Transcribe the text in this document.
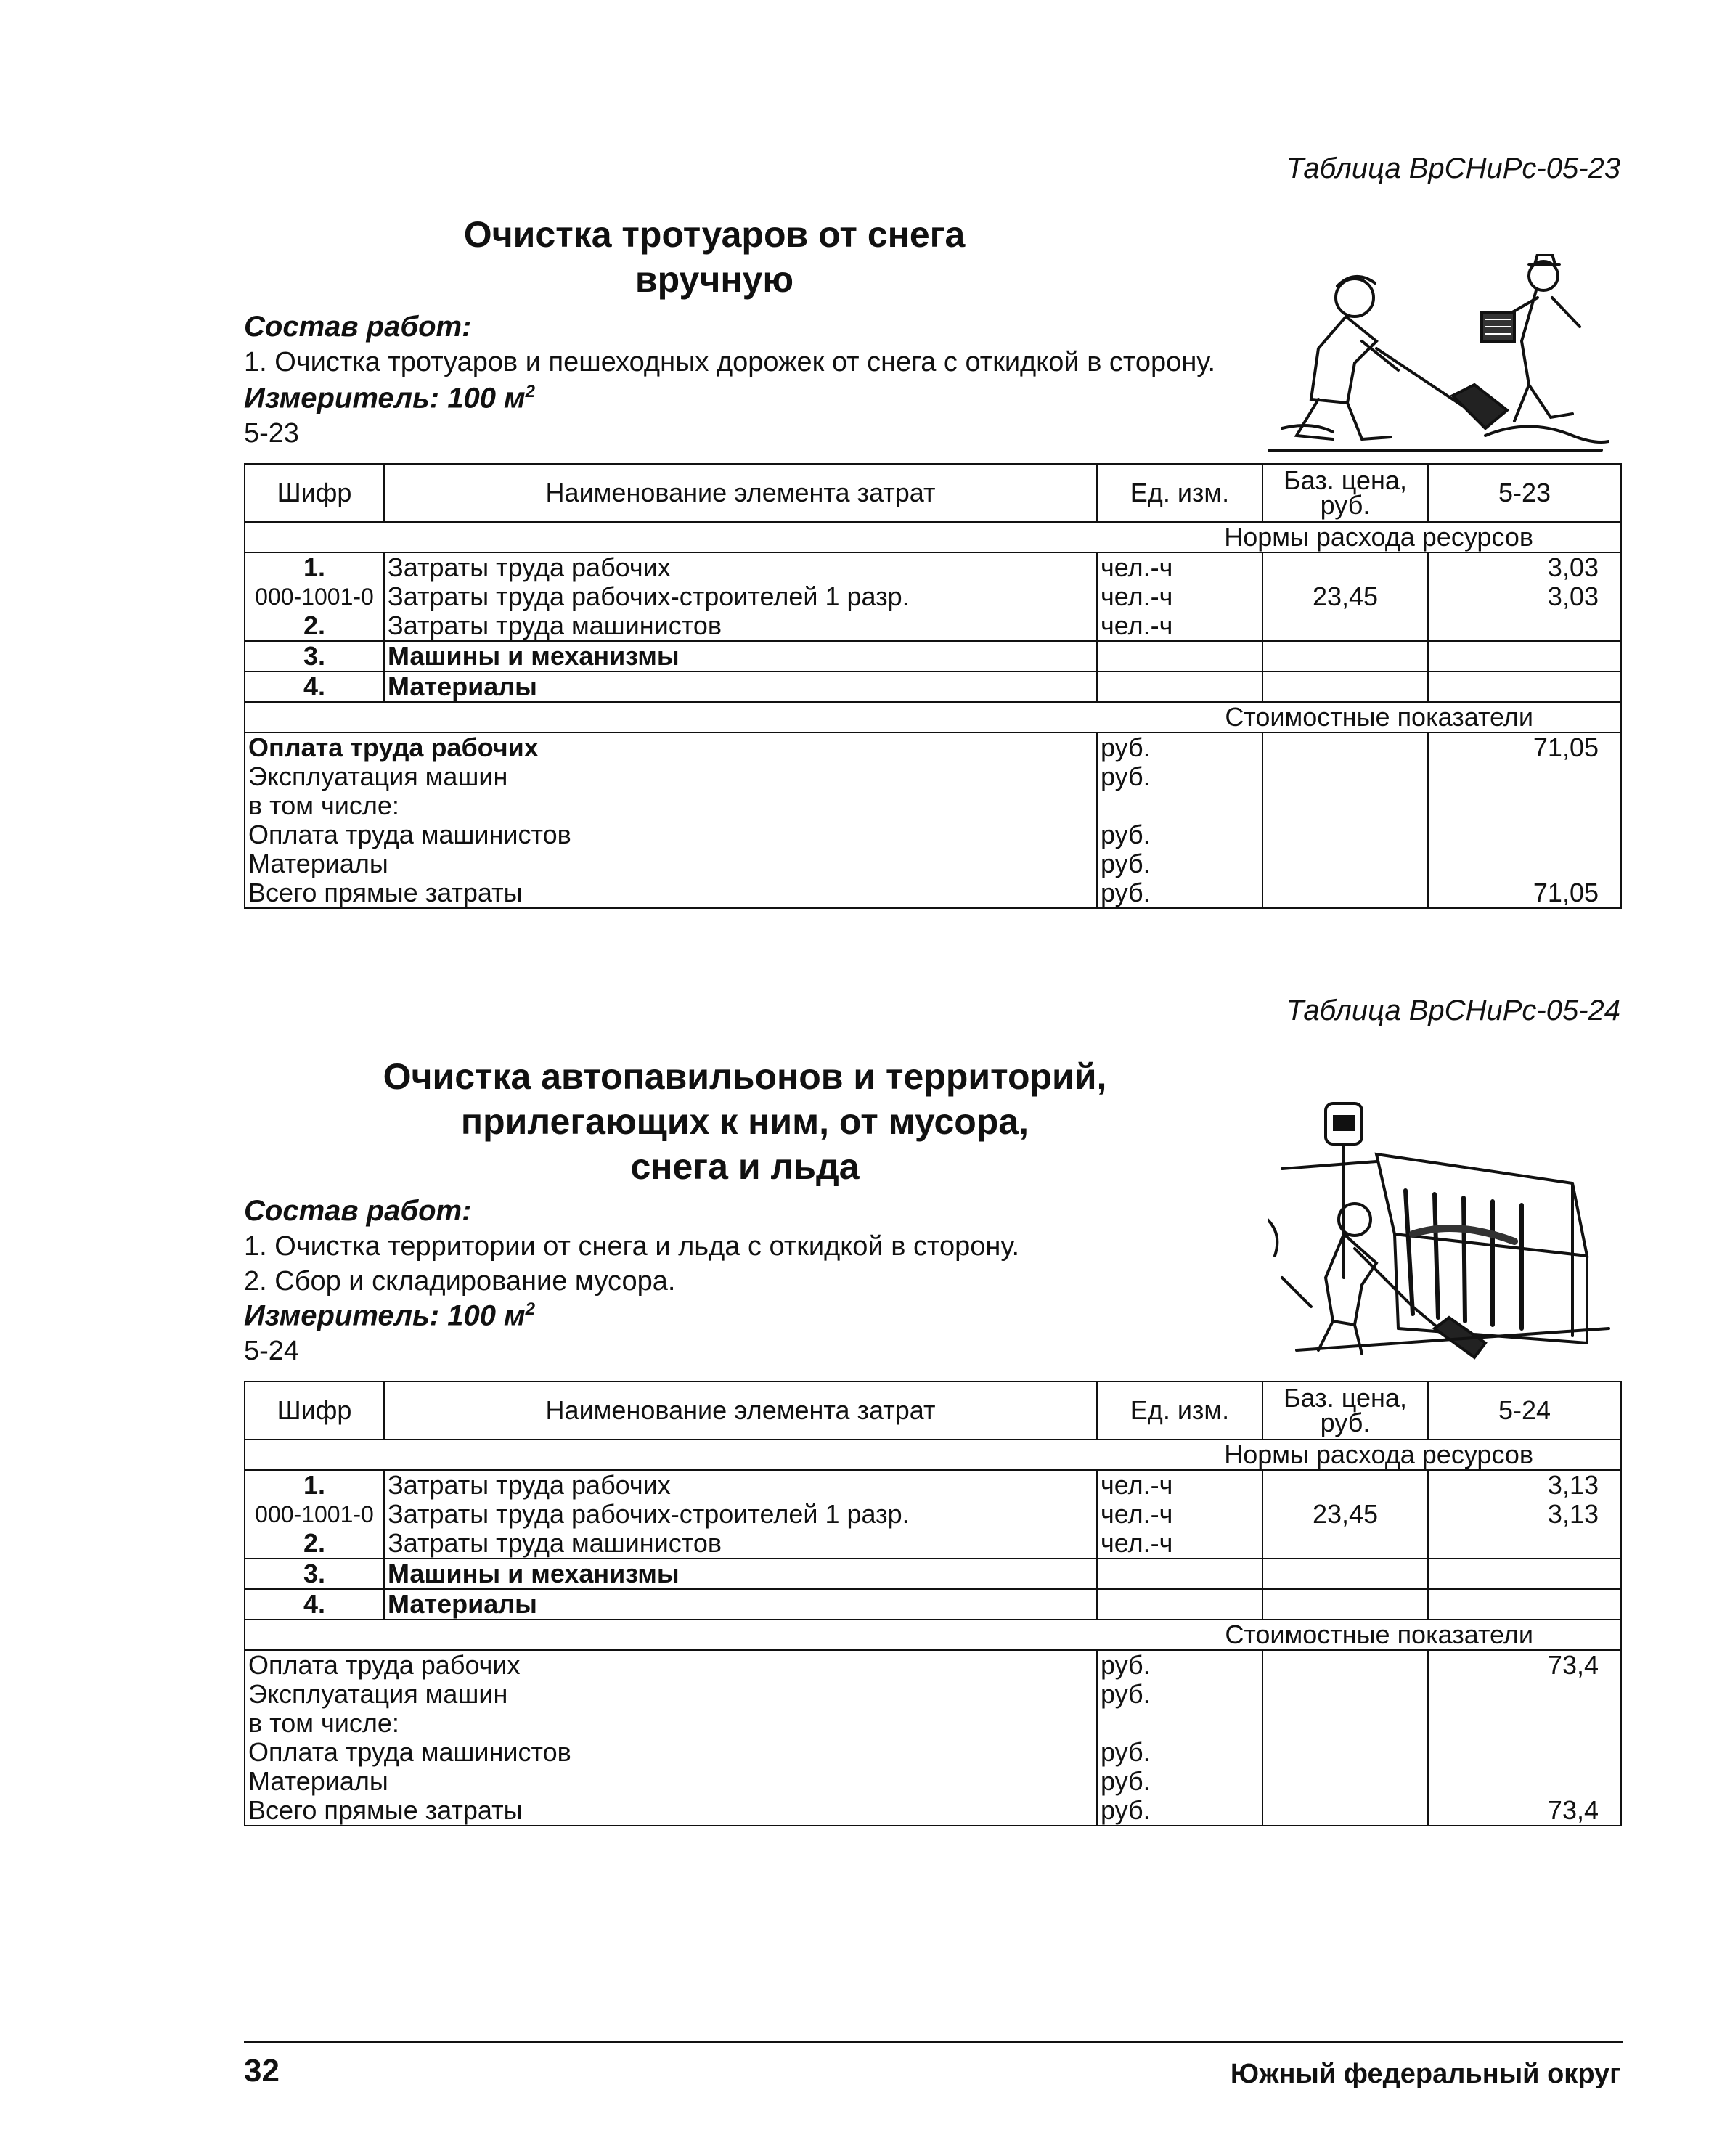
Таблица ВрСНиРс-05-23
Очистка тротуаров от снега
вручную
Состав работ:
1. Очистка тротуаров и пешеходных дорожек от снега с откидкой в сторону.
Измеритель: 100 $м^2$
5-23
Шифр	Наименование элемента затрат	Ед. изм.	Баз. цена, руб.	5-23
Нормы расхода ресурсов				
1.	Затраты труда рабочих	чел.-ч		3,03
000-1001-0	Затраты труда рабочих-строителей 1 разр.	чел.-ч	23,45	3,03
2.	Затраты труда машинистов	чел.-ч		
3.	Машины и механизмы			
4.	Материалы			
Стоимостные показатели				
Оплата труда рабочих		руб.		71,05
Эксплуатация машин		руб.		
в том числе:				
Оплата труда машинистов		руб.		
Материалы		руб.		
Всего прямые затраты		руб.		71,05
Таблица ВрСНиРс-05-24
Очистка автопавильонов и территорий,
прилегающих к ним, от мусора,
снега и льда
Состав работ:
1. Очистка территории от снега и льда с откидкой в сторону.
2. Сбор и складирование мусора.
Измеритель: 100 $м^2$
5-24
Шифр	Наименование элемента затрат	Ед. изм.	Баз. цена, руб.	5-24
Нормы расхода ресурсов				
1.	Затраты труда рабочих	чел.-ч		3,13
000-1001-0	Затраты труда рабочих-строителей 1 разр.	чел.-ч	23,45	3,13
2.	Затраты труда машинистов	чел.-ч		
3.	Машины и механизмы			
4.	Материалы			
Стоимостные показатели				
Оплата труда рабочих		руб.		73,4
Эксплуатация машин		руб.		
в том числе:				
Оплата труда машинистов		руб.		
Материалы		руб.		
Всего прямые затраты		руб.		73,4
32	Южный федеральный округ
